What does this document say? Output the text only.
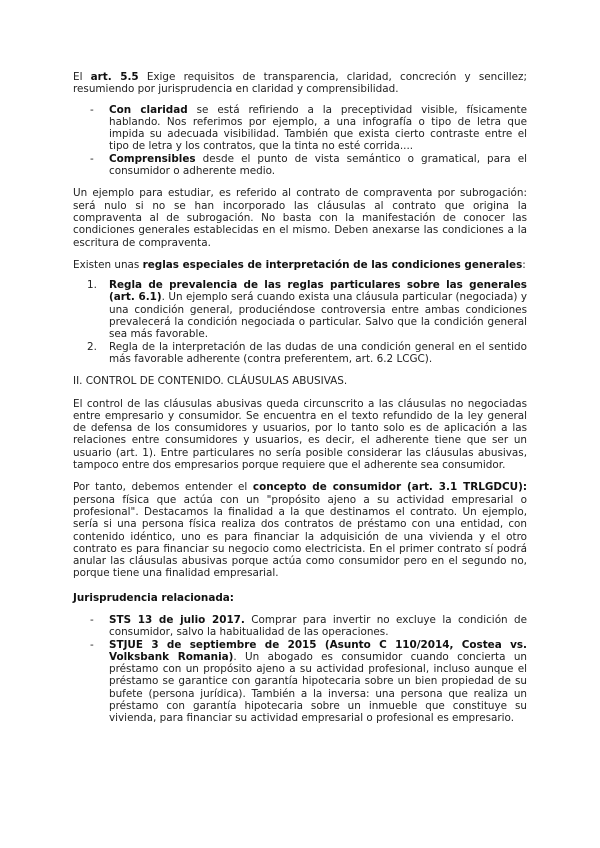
El art. 5.5 Exige requisitos de transparencia, claridad, concreción y sencillez; resumiendo por jurisprudencia en claridad y comprensibilidad.

- Con claridad se está refiriendo a la preceptividad visible, físicamente hablando. Nos referimos por ejemplo, a una infografía o tipo de letra que impida su adecuada visibilidad. También que exista cierto contraste entre el tipo de letra y los contratos, que la tinta no esté corrida....
- Comprensibles desde el punto de vista semántico o gramatical, para el consumidor o adherente medio.

Un ejemplo para estudiar, es referido al contrato de compraventa por subrogación: será nulo si no se han incorporado las cláusulas al contrato que origina la compraventa al de subrogación. No basta con la manifestación de conocer las condiciones generales establecidas en el mismo. Deben anexarse las condiciones a la escritura de compraventa.

Existen unas reglas especiales de interpretación de las condiciones generales:

1. Regla de prevalencia de las reglas particulares sobre las generales (art. 6.1). Un ejemplo será cuando exista una cláusula particular (negociada) y una condición general, produciéndose controversia entre ambas condiciones prevalecerá la condición negociada o particular. Salvo que la condición general sea más favorable.
2. Regla de la interpretación de las dudas de una condición general en el sentido más favorable adherente (contra preferentem, art. 6.2 LCGC).

II. CONTROL DE CONTENIDO. CLÁUSULAS ABUSIVAS.

El control de las cláusulas abusivas queda circunscrito a las cláusulas no negociadas entre empresario y consumidor. Se encuentra en el texto refundido de la ley general de defensa de los consumidores y usuarios, por lo tanto solo es de aplicación a las relaciones entre consumidores y usuarios, es decir, el adherente tiene que ser un usuario (art. 1). Entre particulares no sería posible considerar las cláusulas abusivas, tampoco entre dos empresarios porque requiere que el adherente sea consumidor.

Por tanto, debemos entender el concepto de consumidor (art. 3.1 TRLGDCU): persona física que actúa con un "propósito ajeno a su actividad empresarial o profesional". Destacamos la finalidad a la que destinamos el contrato. Un ejemplo, sería si una persona física realiza dos contratos de préstamo con una entidad, con contenido idéntico, uno es para financiar la adquisición de una vivienda y el otro contrato es para financiar su negocio como electricista. En el primer contrato sí podrá anular las cláusulas abusivas porque actúa como consumidor pero en el segundo no, porque tiene una finalidad empresarial.

Jurisprudencia relacionada:

- STS 13 de julio 2017. Comprar para invertir no excluye la condición de consumidor, salvo la habitualidad de las operaciones.
- STJUE 3 de septiembre de 2015 (Asunto C 110/2014, Costea vs. Volksbank Romania). Un abogado es consumidor cuando concierta un préstamo con un propósito ajeno a su actividad profesional, incluso aunque el préstamo se garantice con garantía hipotecaria sobre un bien propiedad de su bufete (persona jurídica). También a la inversa: una persona que realiza un préstamo con garantía hipotecaria sobre un inmueble que constituye su vivienda, para financiar su actividad empresarial o profesional es empresario.
